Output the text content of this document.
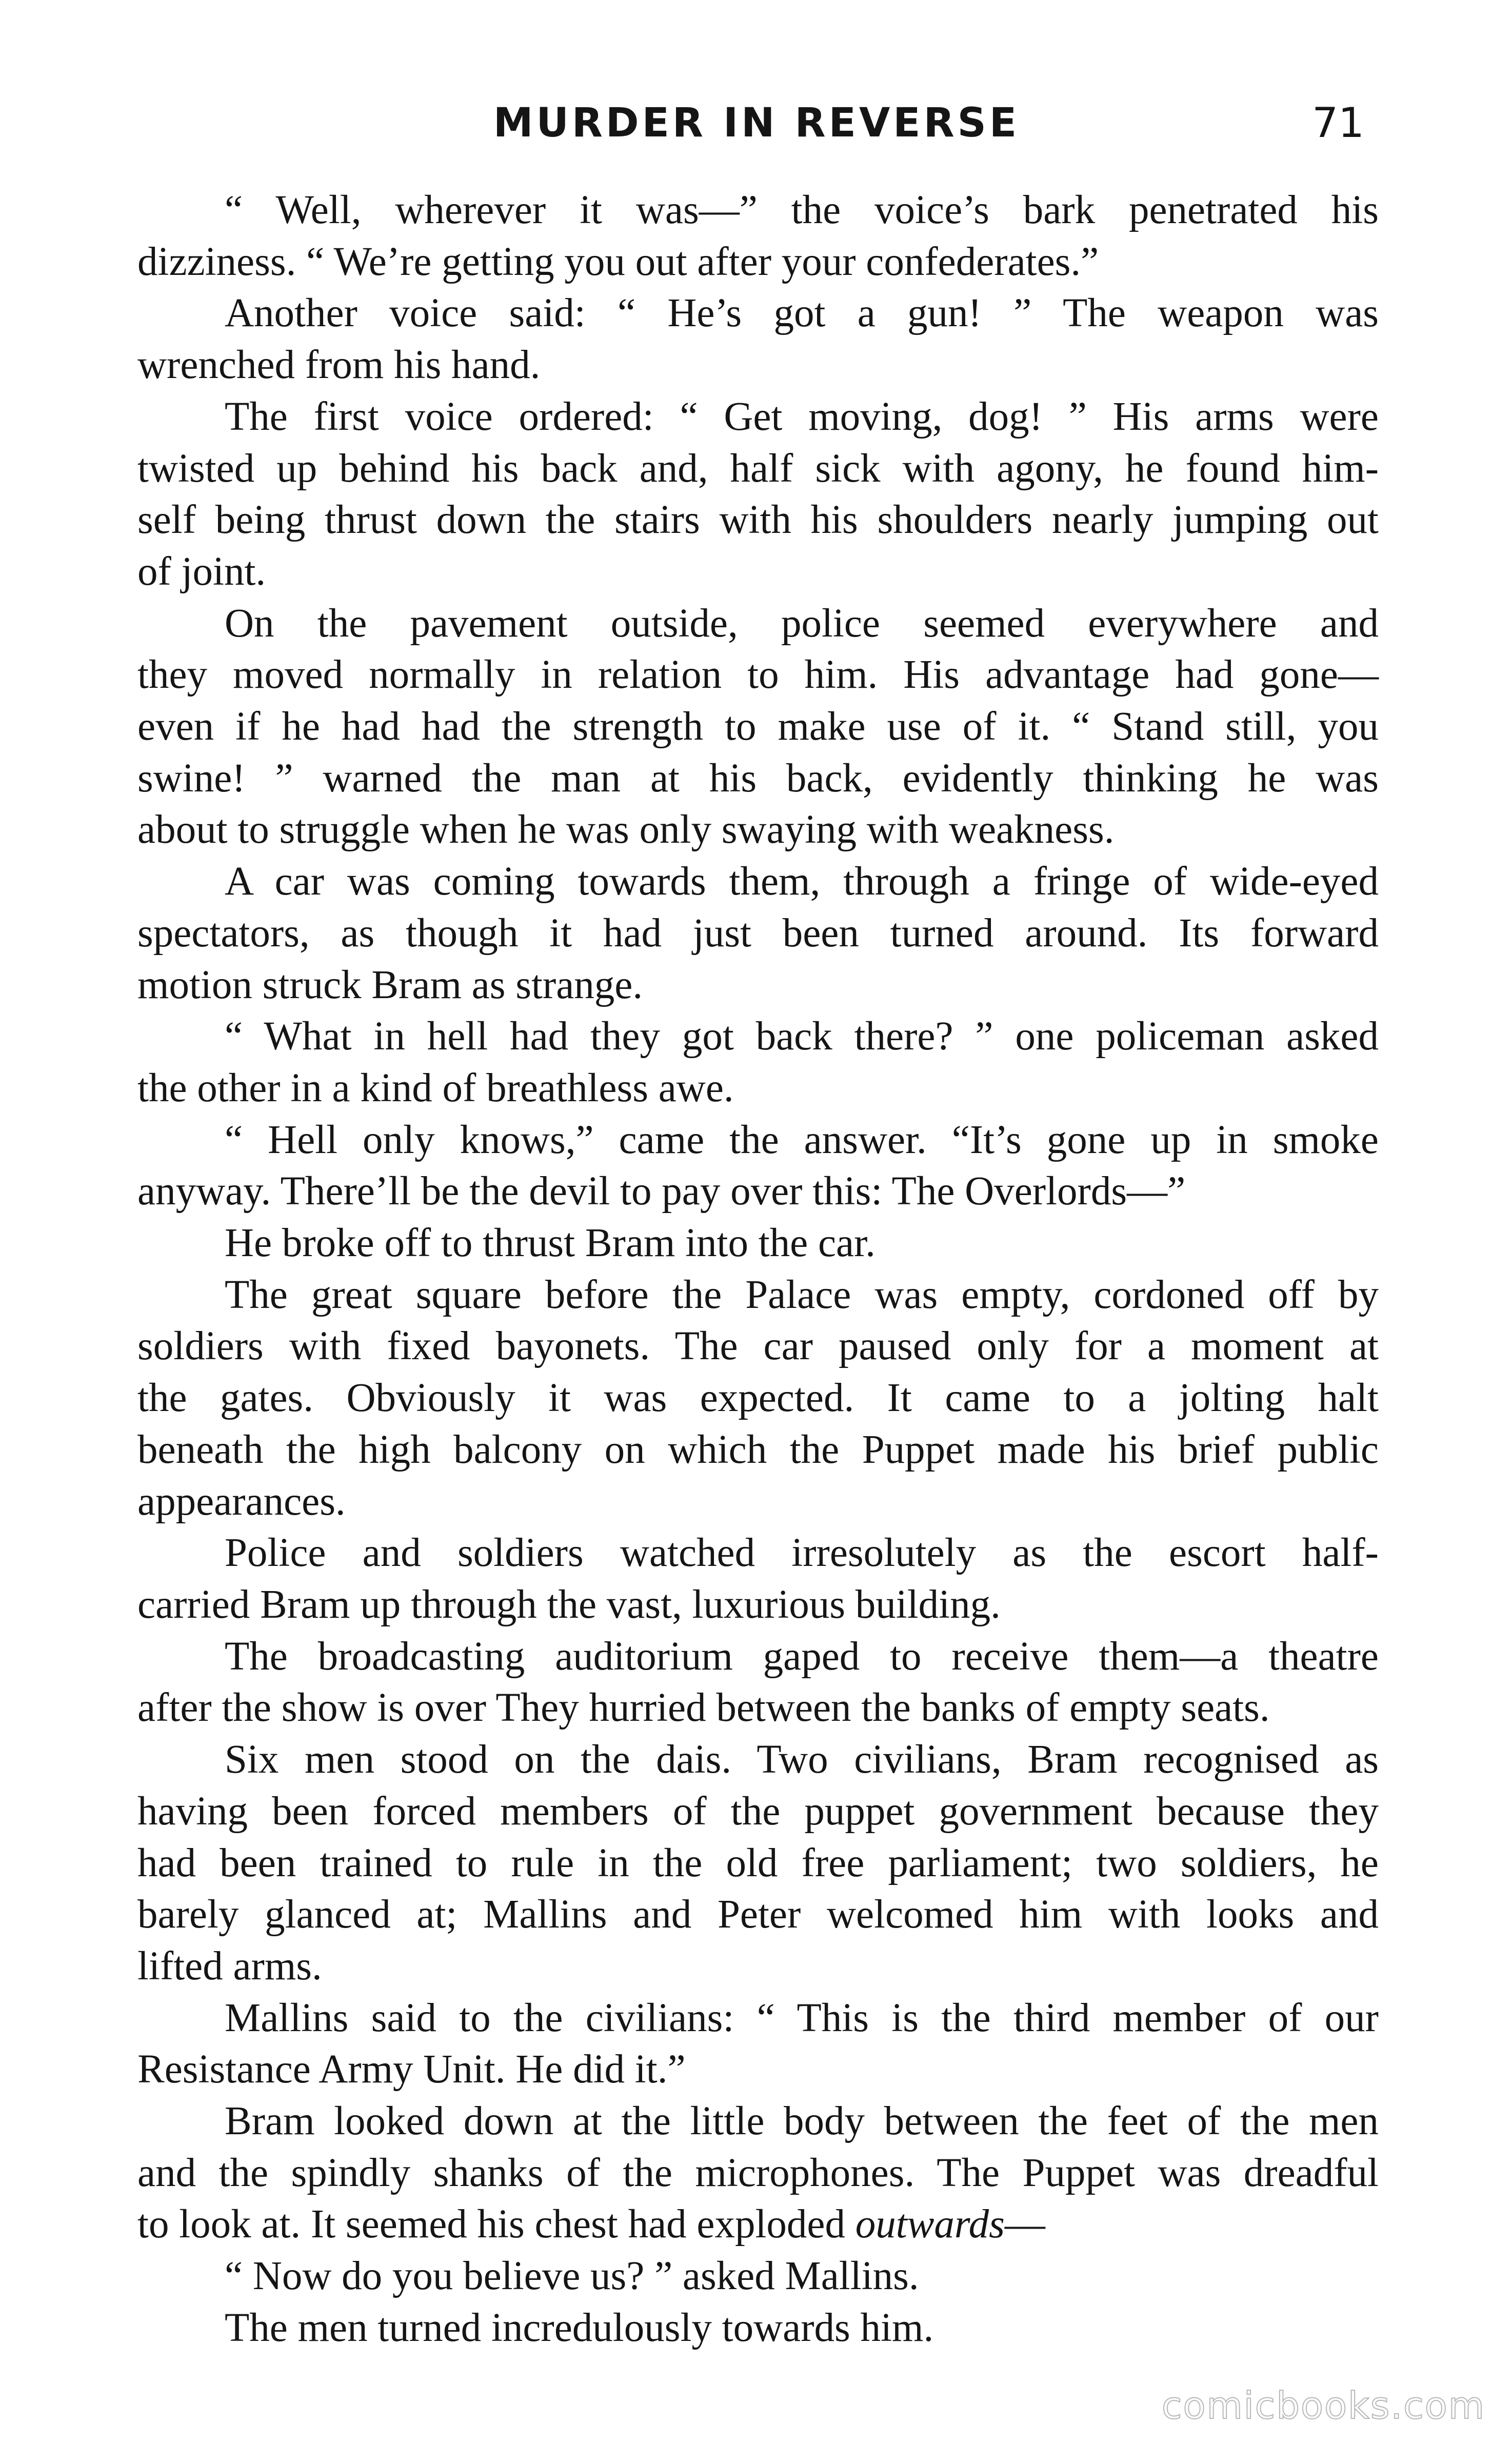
MURDER IN REVERSE	71
“ Well, wherever it was—” the voice’s bark penetrated his
dizziness. “ We’re getting you out after your confederates.”
Another voice said: “ He’s got a gun! ” The weapon was
wrenched from his hand.
The first voice ordered: “ Get moving, dog! ” His arms were
twisted up behind his back and, half sick with agony, he found him-
self being thrust down the stairs with his shoulders nearly jumping out
of joint.
On the pavement outside, police seemed everywhere and
they moved normally in relation to him. His advantage had gone—
even if he had had the strength to make use of it. “ Stand still, you
swine! ” warned the man at his back, evidently thinking he was
about to struggle when he was only swaying with weakness.
A car was coming towards them, through a fringe of wide-eyed
spectators, as though it had just been turned around. Its forward
motion struck Bram as strange.
“ What in hell had they got back there? ” one policeman asked
the other in a kind of breathless awe.
“ Hell only knows,” came the answer. “It’s gone up in smoke
anyway. There’ll be the devil to pay over this: The Overlords—”
He broke off to thrust Bram into the car.
The great square before the Palace was empty, cordoned off by
soldiers with fixed bayonets. The car paused only for a moment at
the gates. Obviously it was expected. It came to a jolting halt
beneath the high balcony on which the Puppet made his brief public
appearances.
Police and soldiers watched irresolutely as the escort half-
carried Bram up through the vast, luxurious building.
The broadcasting auditorium gaped to receive them—a theatre
after the show is over They hurried between the banks of empty seats.
Six men stood on the dais. Two civilians, Bram recognised as
having been forced members of the puppet government because they
had been trained to rule in the old free parliament; two soldiers, he
barely glanced at; Mallins and Peter welcomed him with looks and
lifted arms.
Mallins said to the civilians: “ This is the third member of our
Resistance Army Unit. He did it.”
Bram looked down at the little body between the feet of the men
and the spindly shanks of the microphones. The Puppet was dreadful
to look at. It seemed his chest had exploded outwards—
“ Now do you believe us? ” asked Mallins.
The men turned incredulously towards him.
comicbooks.com
